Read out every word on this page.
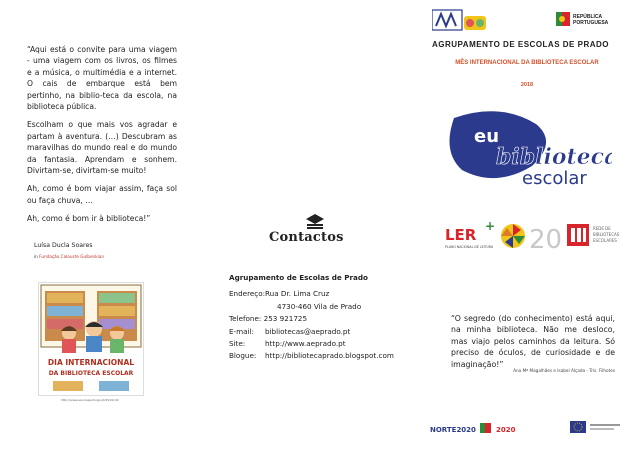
“Aqui está o convite para uma viagem - uma viagem com os livros, os filmes e a música, o multimédia e a internet. O cais de embarque está bem pertinho, na biblio-teca da escola, na biblioteca pública.

Escolham o que mais vos agradar e partam à aventura. (…) Descubram as maravilhas do mundo real e do mundo da fantasia. Aprendam e sonhem. Divirtam-se, divirtam-se muito!

Ah, como é bom viajar assim, faça sol ou faça chuva, …

Ah, como é bom ir à biblioteca!”

Luísa Ducla Soares
in Fundação Calouste Gulbenkian
DIA INTERNACIONAL
DA BIBLIOTECA ESCOLAR
http://www.escolapa.blogs.pt/2019/10/
Contactos
Agrupamento de Escolas de Prado
Endereço: Rua Dr. Lima Cruz
4730-460 Vila de Prado
Telefone: 253 921725
E-mail:	bibliotecas@aeprado.pt
Site:	http://www.aeprado.pt
Blogue:	http://bibliotecaprado.blogspot.com
REPÚBLICA
PORTUGUESA
AGRUPAMENTO DE ESCOLAS DE PRADO
MÊS INTERNACIONAL DA BIBLIOTECA ESCOLAR
2018
eu
biblioteca
escolar
LER +
PLANO NACIONAL DE LEITURA 20	REDE DE
BIBLIOTECAS
ESCOLARES
“O segredo (do conhecimento) está aqui, na minha biblioteca. Não me desloco, mas viajo pelos caminhos da leitura. Só preciso de óculos, de curiosidade e de imaginação!”
Ana Mª Magalhães e Isabel Alçada - Trís. Filhotes
NORTE2020	2020
